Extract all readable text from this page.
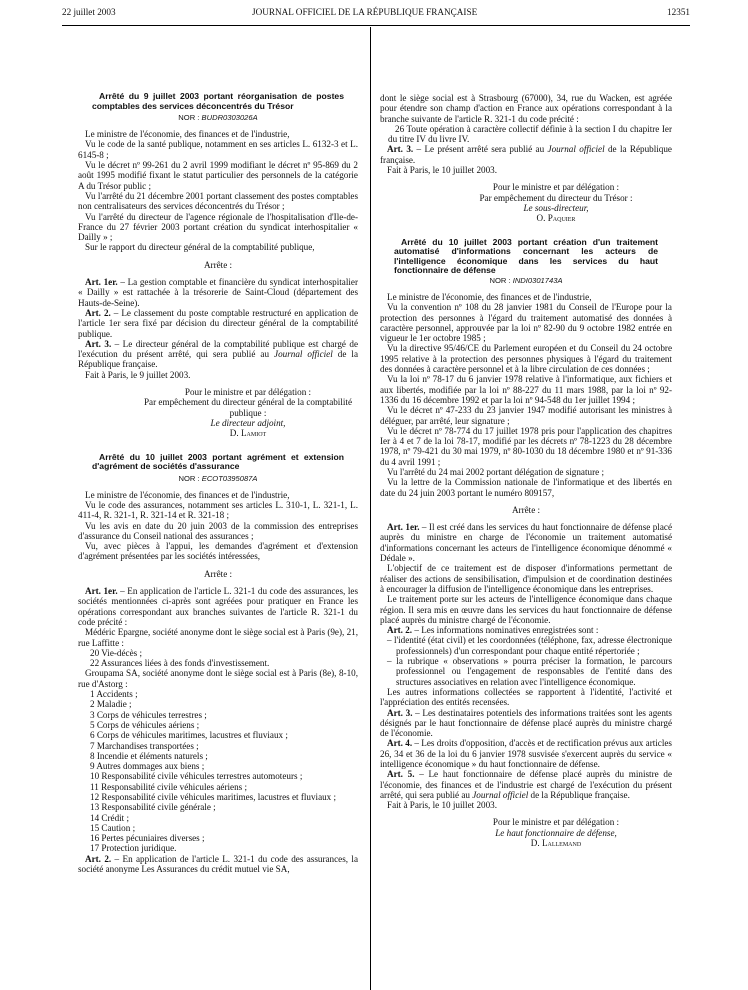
22 juillet 2003	JOURNAL OFFICIEL DE LA RÉPUBLIQUE FRANÇAISE	12351

Arrêté du 9 juillet 2003 portant réorganisation de postes comptables des services déconcentrés du Trésor

NOR : BUDR0303026A

Le ministre de l'économie, des finances et de l'industrie,

Vu le code de la santé publique, notamment en ses articles L. 6132-3 et L. 6145-8 ;

Vu le décret nº 99-261 du 2 avril 1999 modifiant le décret nº 95-869 du 2 août 1995 modifié fixant le statut particulier des personnels de la catégorie A du Trésor public ;

Vu l'arrêté du 21 décembre 2001 portant classement des postes comptables non centralisateurs des services déconcentrés du Trésor ;

Vu l'arrêté du directeur de l'agence régionale de l'hospitalisation d'Ile-de-France du 27 février 2003 portant création du syndicat interhospitalier « Dailly » ;

Sur le rapport du directeur général de la comptabilité publique,

Arrête :

Art. 1er. – La gestion comptable et financière du syndicat interhospitalier « Dailly » est rattachée à la trésorerie de Saint-Cloud (département des Hauts-de-Seine).

Art. 2. – Le classement du poste comptable restructuré en application de l'article 1er sera fixé par décision du directeur général de la comptabilité publique.

Art. 3. – Le directeur général de la comptabilité publique est chargé de l'exécution du présent arrêté, qui sera publié au Journal officiel de la République française.

Fait à Paris, le 9 juillet 2003.

Pour le ministre et par délégation :

Par empêchement du directeur général de la comptabilité publique :

Le directeur adjoint,

D. Lamiot

Arrêté du 10 juillet 2003 portant agrément et extension d'agrément de sociétés d'assurance

NOR : ECOT0395087A

Le ministre de l'économie, des finances et de l'industrie,

Vu le code des assurances, notamment ses articles L. 310-1, L. 321-1, L. 411-4, R. 321-1, R. 321-14 et R. 321-18 ;

Vu les avis en date du 20 juin 2003 de la commission des entreprises d'assurance du Conseil national des assurances ;

Vu, avec pièces à l'appui, les demandes d'agrément et d'extension d'agrément présentées par les sociétés intéressées,

Arrête :

Art. 1er. – En application de l'article L. 321-1 du code des assurances, les sociétés mentionnées ci-après sont agréées pour pratiquer en France les opérations correspondant aux branches suivantes de l'article R. 321-1 du code précité :

Médéric Epargne, société anonyme dont le siège social est à Paris (9e), 21, rue Laffitte :

20 Vie-décès ;

22 Assurances liées à des fonds d'investissement.

Groupama SA, société anonyme dont le siège social est à Paris (8e), 8-10, rue d'Astorg :

1 Accidents ;

2 Maladie ;

3 Corps de véhicules terrestres ;

5 Corps de véhicules aériens ;

6 Corps de véhicules maritimes, lacustres et fluviaux ;

7 Marchandises transportées ;

8 Incendie et éléments naturels ;

9 Autres dommages aux biens ;

10 Responsabilité civile véhicules terrestres automoteurs ;

11 Responsabilité civile véhicules aériens ;

12 Responsabilité civile véhicules maritimes, lacustres et fluviaux ;

13 Responsabilité civile générale ;

14 Crédit ;

15 Caution ;

16 Pertes pécuniaires diverses ;

17 Protection juridique.

Art. 2. – En application de l'article L. 321-1 du code des assurances, la société anonyme Les Assurances du crédit mutuel vie SA,

dont le siège social est à Strasbourg (67000), 34, rue du Wacken, est agréée pour étendre son champ d'action en France aux opérations correspondant à la branche suivante de l'article R. 321-1 du code précité :

26 Toute opération à caractère collectif définie à la section I du chapitre Ier du titre IV du livre IV.

Art. 3. – Le présent arrêté sera publié au Journal officiel de la République française.

Fait à Paris, le 10 juillet 2003.

Pour le ministre et par délégation :

Par empêchement du directeur du Trésor :

Le sous-directeur,

O. Paquier

Arrêté du 10 juillet 2003 portant création d'un traitement automatisé d'informations concernant les acteurs de l'intelligence économique dans les services du haut fonctionnaire de défense

NOR : INDI0301743A

Le ministre de l'économie, des finances et de l'industrie,

Vu la convention nº 108 du 28 janvier 1981 du Conseil de l'Europe pour la protection des personnes à l'égard du traitement automatisé des données à caractère personnel, approuvée par la loi nº 82-90 du 9 octobre 1982 entrée en vigueur le 1er octobre 1985 ;

Vu la directive 95/46/CE du Parlement européen et du Conseil du 24 octobre 1995 relative à la protection des personnes physiques à l'égard du traitement des données à caractère personnel et à la libre circulation de ces données ;

Vu la loi nº 78-17 du 6 janvier 1978 relative à l'informatique, aux fichiers et aux libertés, modifiée par la loi nº 88-227 du 11 mars 1988, par la loi nº 92-1336 du 16 décembre 1992 et par la loi nº 94-548 du 1er juillet 1994 ;

Vu le décret nº 47-233 du 23 janvier 1947 modifié autorisant les ministres à déléguer, par arrêté, leur signature ;

Vu le décret nº 78-774 du 17 juillet 1978 pris pour l'application des chapitres Ier à 4 et 7 de la loi 78-17, modifié par les décrets nº 78-1223 du 28 décembre 1978, nº 79-421 du 30 mai 1979, nº 80-1030 du 18 décembre 1980 et nº 91-336 du 4 avril 1991 ;

Vu l'arrêté du 24 mai 2002 portant délégation de signature ;

Vu la lettre de la Commission nationale de l'informatique et des libertés en date du 24 juin 2003 portant le numéro 809157,

Arrête :

Art. 1er. – Il est créé dans les services du haut fonctionnaire de défense placé auprès du ministre en charge de l'économie un traitement automatisé d'informations concernant les acteurs de l'intelligence économique dénommé « Dédale ».

L'objectif de ce traitement est de disposer d'informations permettant de réaliser des actions de sensibilisation, d'impulsion et de coordination destinées à encourager la diffusion de l'intelligence économique dans les entreprises.

Le traitement porte sur les acteurs de l'intelligence économique dans chaque région. Il sera mis en œuvre dans les services du haut fonctionnaire de défense placé auprès du ministre chargé de l'économie.

Art. 2. – Les informations nominatives enregistrées sont :

– l'identité (état civil) et les coordonnées (téléphone, fax, adresse électronique professionnels) d'un correspondant pour chaque entité répertoriée ;

– la rubrique « observations » pourra préciser la formation, le parcours professionnel ou l'engagement de responsables de l'entité dans des structures associatives en relation avec l'intelligence économique.

Les autres informations collectées se rapportent à l'identité, l'activité et l'appréciation des entités recensées.

Art. 3. – Les destinataires potentiels des informations traitées sont les agents désignés par le haut fonctionnaire de défense placé auprès du ministre chargé de l'économie.

Art. 4. – Les droits d'opposition, d'accès et de rectification prévus aux articles 26, 34 et 36 de la loi du 6 janvier 1978 susvisée s'exercent auprès du service « intelligence économique » du haut fonctionnaire de défense.

Art. 5. – Le haut fonctionnaire de défense placé auprès du ministre de l'économie, des finances et de l'industrie est chargé de l'exécution du présent arrêté, qui sera publié au Journal officiel de la République française.

Fait à Paris, le 10 juillet 2003.

Pour le ministre et par délégation :

Le haut fonctionnaire de défense,

D. Lallemand
